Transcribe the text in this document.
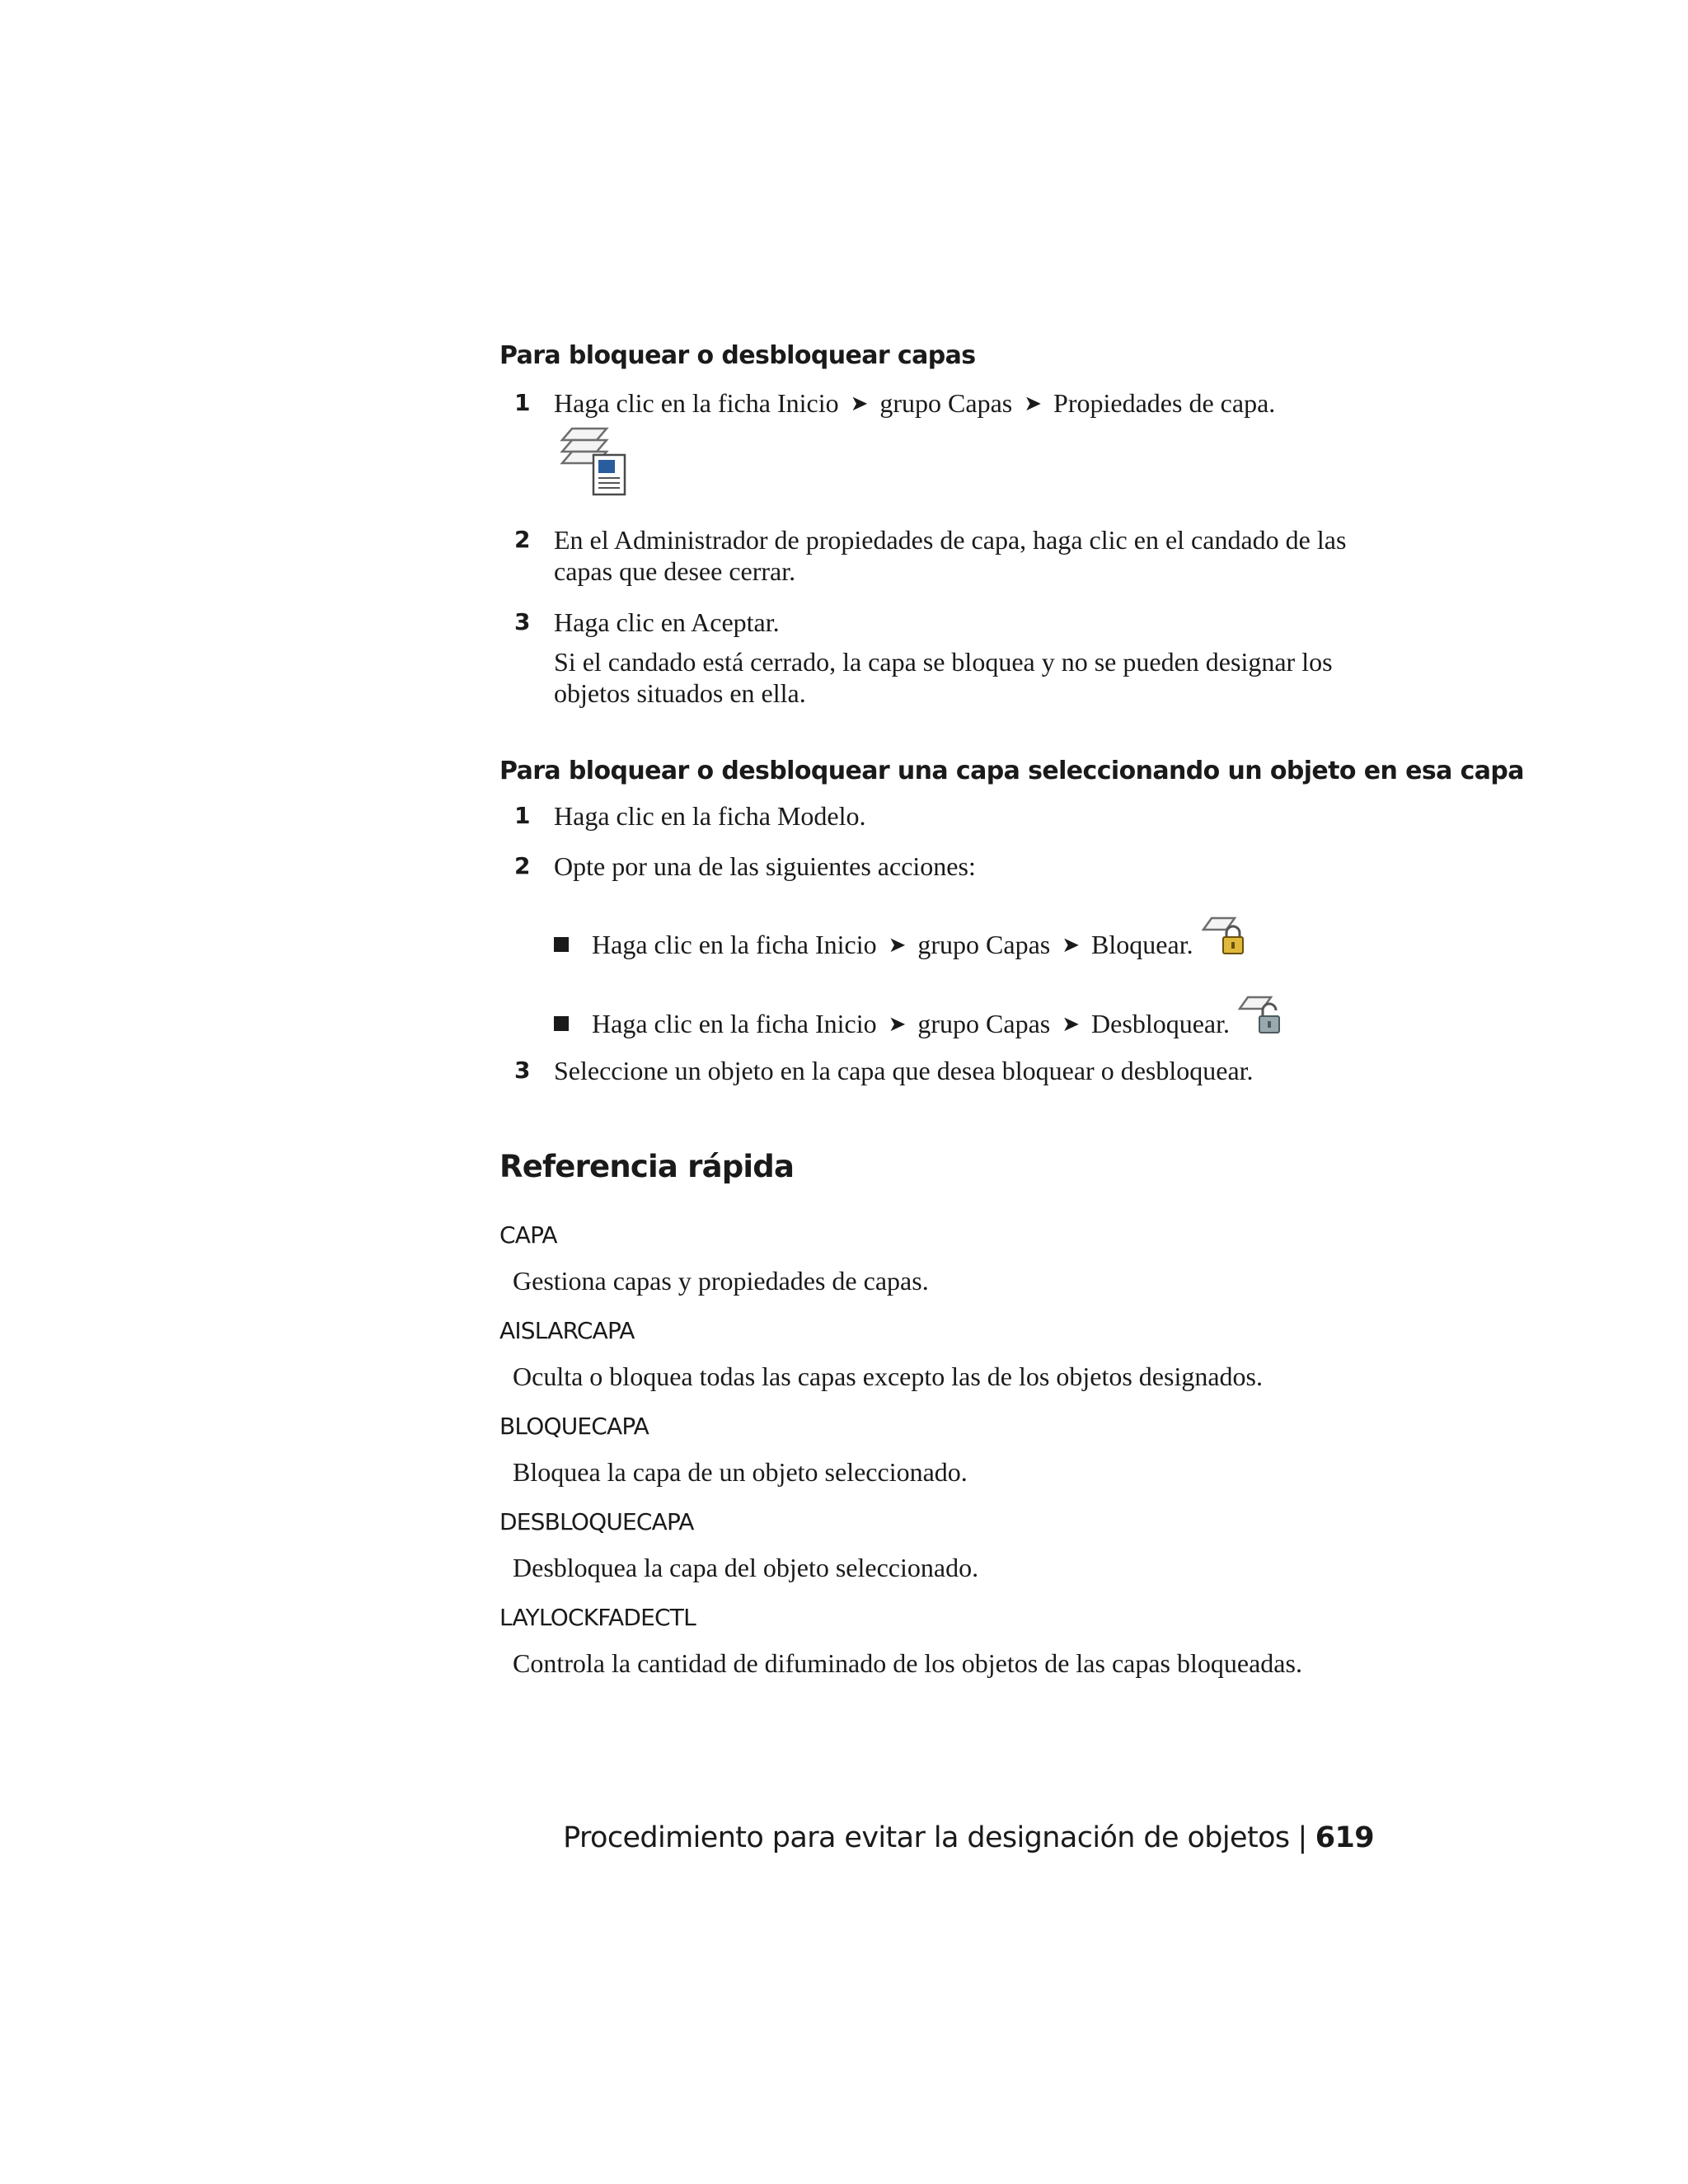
Para bloquear o desbloquear capas
1 Haga clic en la ficha Inicio ➤ grupo Capas ➤ Propiedades de capa.
2 En el Administrador de propiedades de capa, haga clic en el candado de las capas que desee cerrar.
3 Haga clic en Aceptar.
Si el candado está cerrado, la capa se bloquea y no se pueden designar los objetos situados en ella.
Para bloquear o desbloquear una capa seleccionando un objeto en esa capa
1 Haga clic en la ficha Modelo.
2 Opte por una de las siguientes acciones:
Haga clic en la ficha Inicio ➤ grupo Capas ➤ Bloquear.
Haga clic en la ficha Inicio ➤ grupo Capas ➤ Desbloquear.
3 Seleccione un objeto en la capa que desea bloquear o desbloquear.
Referencia rápida
CAPA
Gestiona capas y propiedades de capas.
AISLARCAPA
Oculta o bloquea todas las capas excepto las de los objetos designados.
BLOQUECAPA
Bloquea la capa de un objeto seleccionado.
DESBLOQUECAPA
Desbloquea la capa del objeto seleccionado.
LAYLOCKFADECTL
Controla la cantidad de difuminado de los objetos de las capas bloqueadas.
Procedimiento para evitar la designación de objetos | 619
